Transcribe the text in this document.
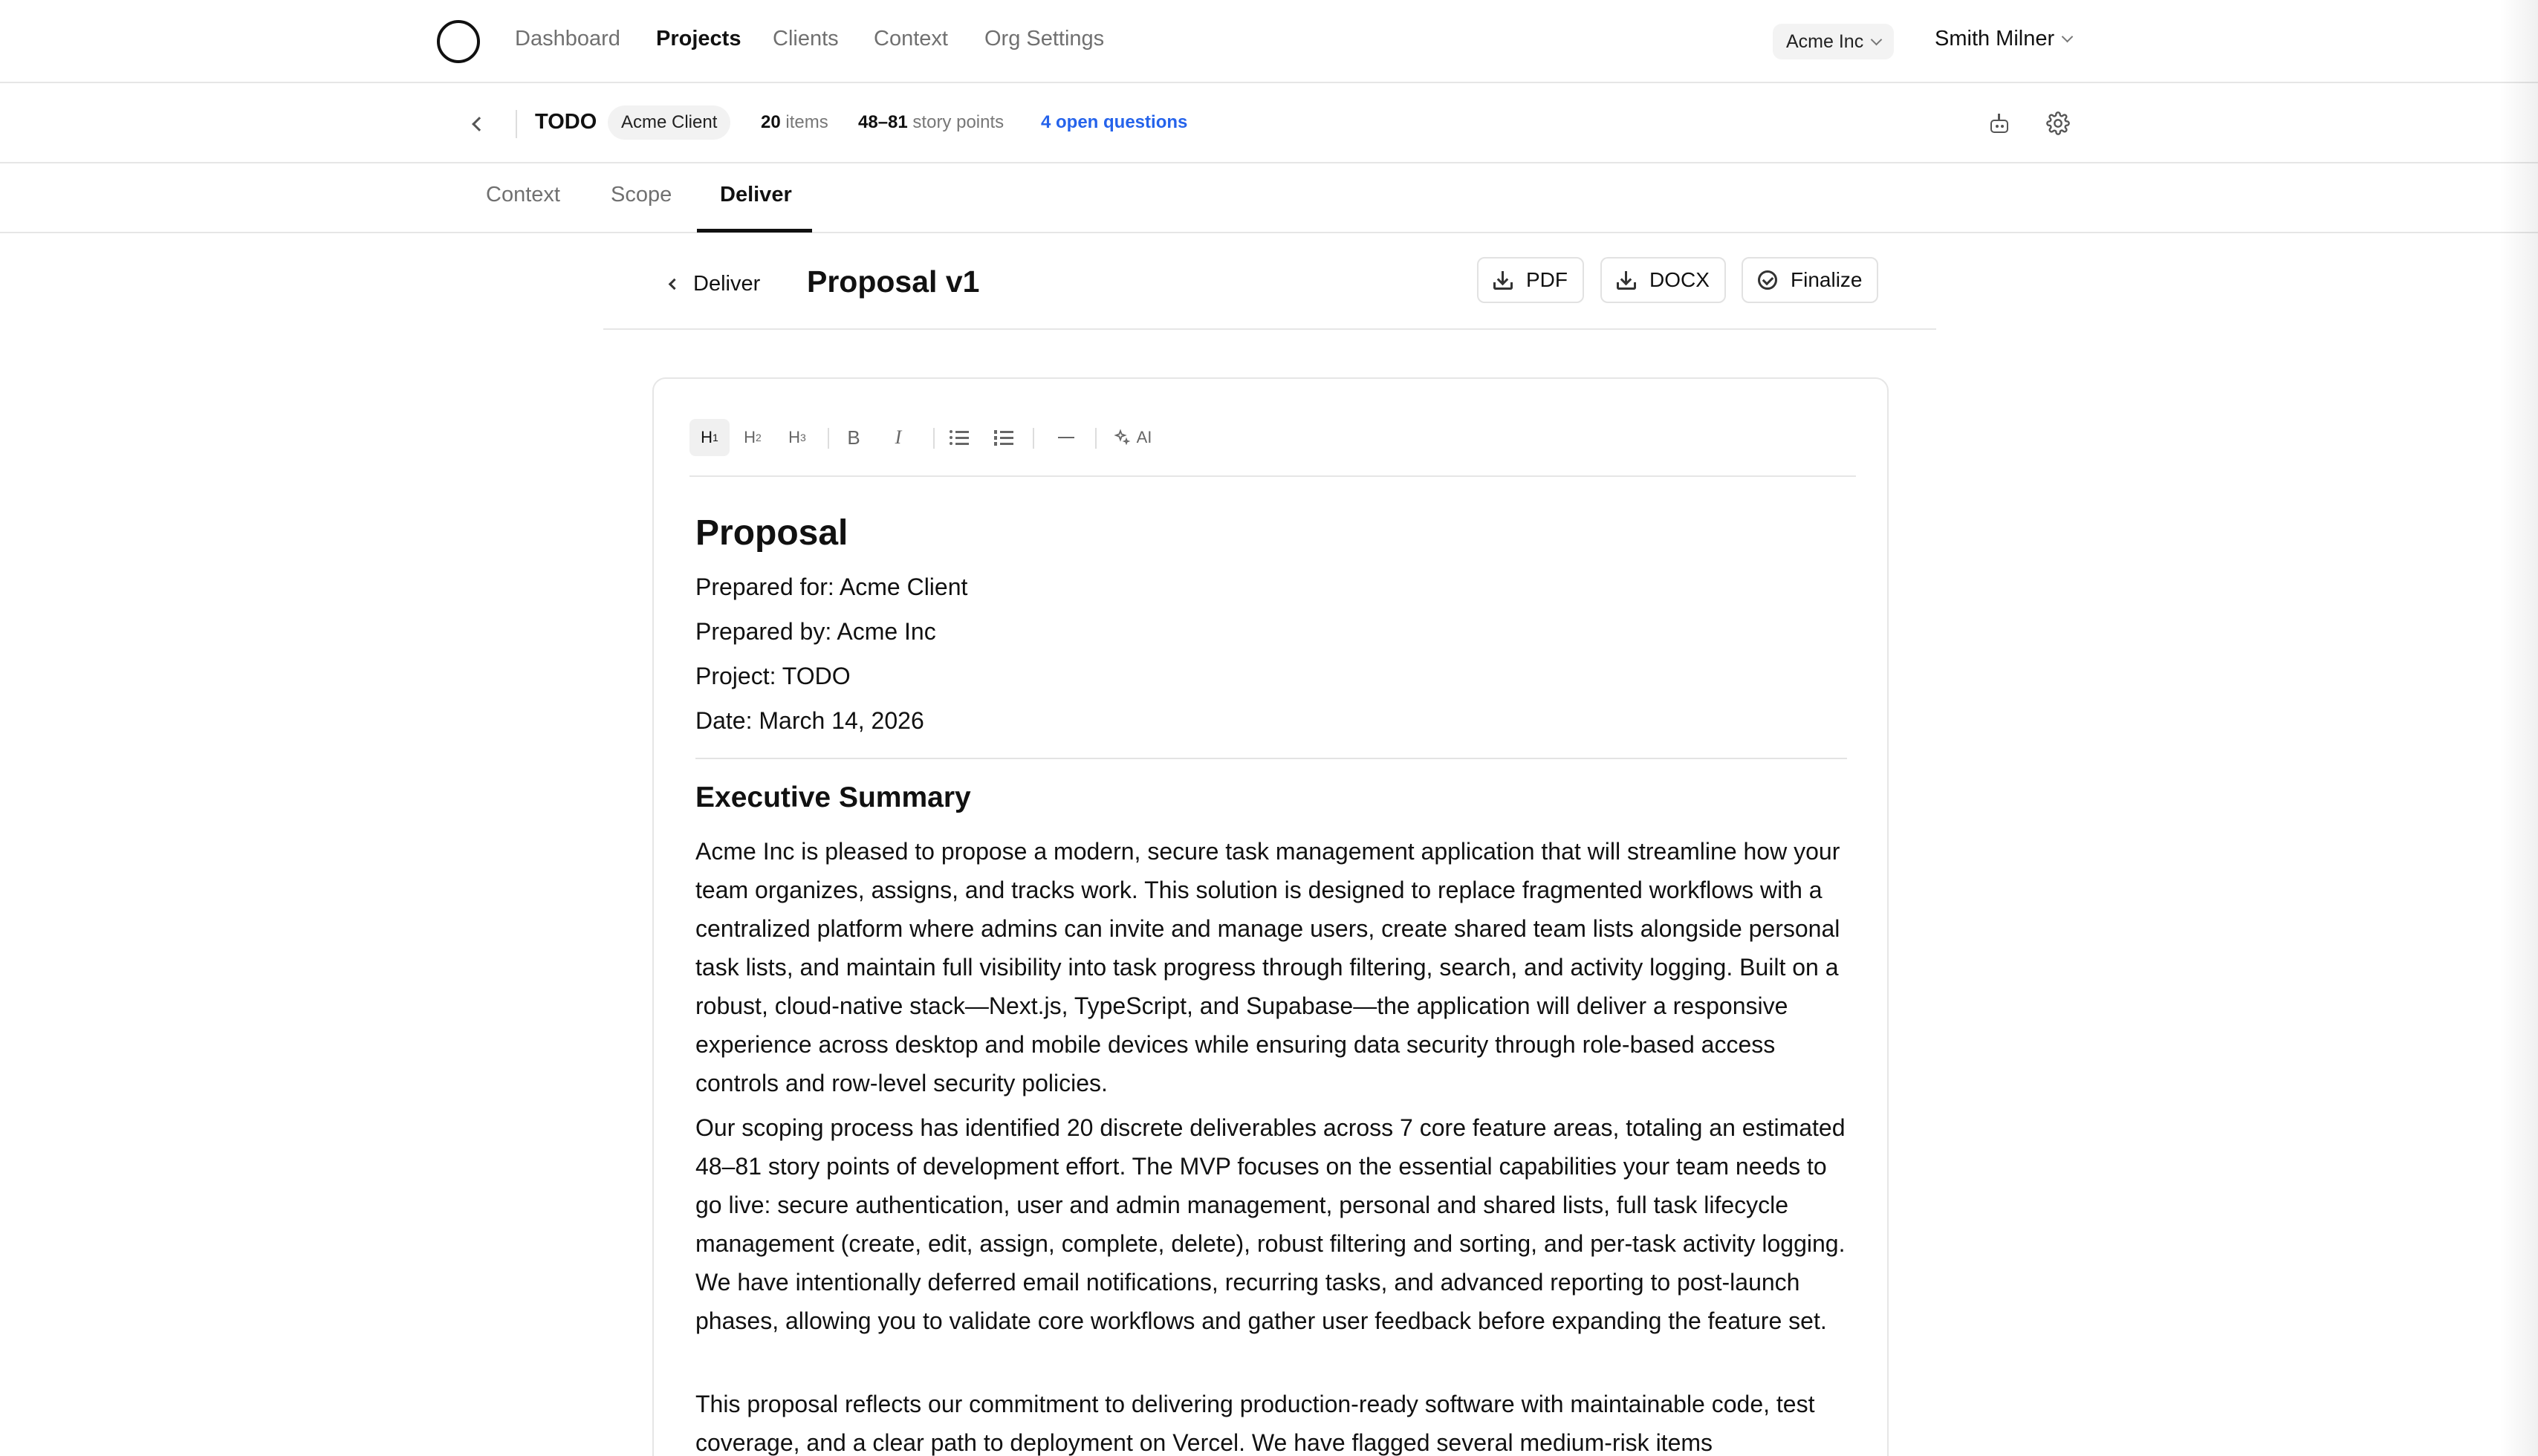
Dashboard Projects Clients Context Org Settings	Acme Inc	Smith Milner
TODO	Acme Client	20 items 48–81 story points 4 open questions
Context Scope Deliver
Deliver Proposal v1	PDF	DOCX	Finalize
H 1 H 2 H 3 B I	AI
Proposal
Prepared for: Acme Client
Prepared by: Acme Inc
Project: TODO
Date: March 14, 2026
Executive Summary

Acme Inc is pleased to propose a modern, secure task management application that will streamline how your team organizes, assigns, and tracks work. This solution is designed to replace fragmented workflows with a centralized platform where admins can invite and manage users, create shared team lists alongside personal task lists, and maintain full visibility into task progress through filtering, search, and activity logging. Built on a robust, cloud-native stack—Next.js, TypeScript, and Supabase—the application will deliver a responsive experience across desktop and mobile devices while ensuring data security through role-based access controls and row-level security policies.

Our scoping process has identified 20 discrete deliverables across 7 core feature areas, totaling an estimated 48–81 story points of development effort. The MVP focuses on the essential capabilities your team needs to go live: secure authentication, user and admin management, personal and shared lists, full task lifecycle management (create, edit, assign, complete, delete), robust filtering and sorting, and per-task activity logging. We have intentionally deferred email notifications, recurring tasks, and advanced reporting to post-launch phases, allowing you to validate core workflows and gather user feedback before expanding the feature set.

This proposal reflects our commitment to delivering production-ready software with maintainable code, test coverage, and a clear path to deployment on Vercel. We have flagged several medium-risk items
